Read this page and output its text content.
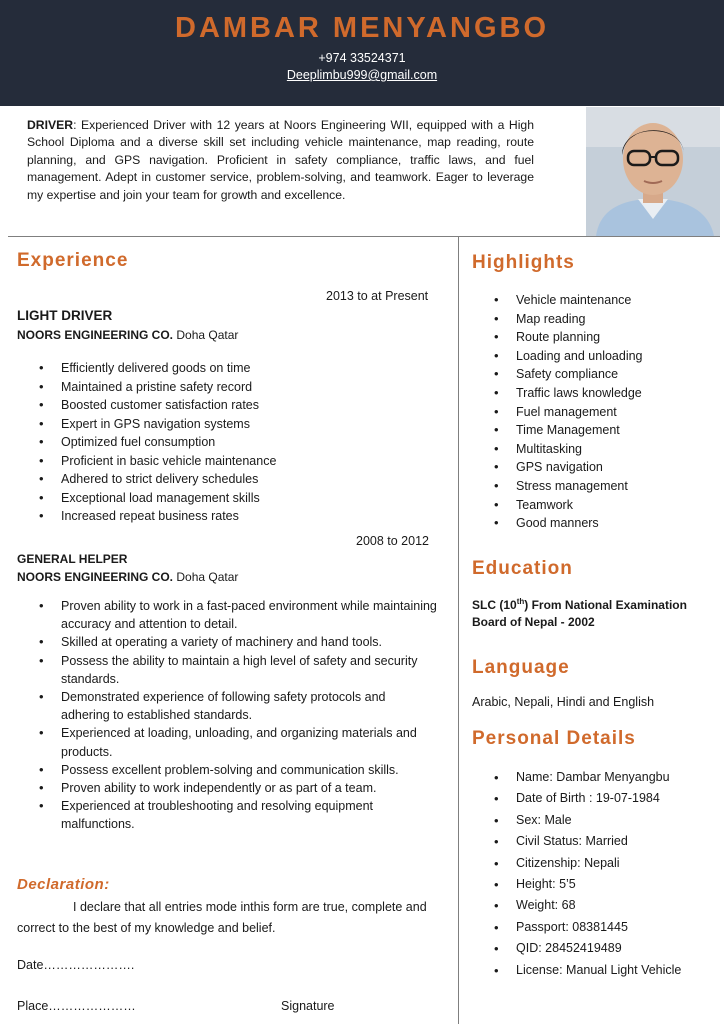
DAMBAR MENYANGBO
+974 33524371
Deeplimbu999@gmail.com
DRIVER: Experienced Driver with 12 years at Noors Engineering WII, equipped with a High School Diploma and a diverse skill set including vehicle maintenance, map reading, route planning, and GPS navigation. Proficient in safety compliance, traffic laws, and fuel management. Adept in customer service, problem-solving, and teamwork. Eager to leverage my expertise and join your team for growth and excellence.
Experience
2013 to at Present
LIGHT DRIVER
NOORS ENGINEERING CO. Doha Qatar
• Efficiently delivered goods on time
• Maintained a pristine safety record
• Boosted customer satisfaction rates
• Expert in GPS navigation systems
• Optimized fuel consumption
• Proficient in basic vehicle maintenance
• Adhered to strict delivery schedules
• Exceptional load management skills
• Increased repeat business rates
2008 to 2012
GENERAL HELPER
NOORS ENGINEERING CO. Doha Qatar
• Proven ability to work in a fast-paced environment while maintaining accuracy and attention to detail.
• Skilled at operating a variety of machinery and hand tools.
• Possess the ability to maintain a high level of safety and security standards.
• Demonstrated experience of following safety protocols and adhering to established standards.
• Experienced at loading, unloading, and organizing materials and products.
• Possess excellent problem-solving and communication skills.
• Proven ability to work independently or as part of a team.
• Experienced at troubleshooting and resolving equipment malfunctions.
Declaration:
I declare that all entries mode inthis form are true, complete and correct to the best of my knowledge and belief.
Date………………….
Place…………………	Signature
Highlights
• Vehicle maintenance
• Map reading
• Route planning
• Loading and unloading
• Safety compliance
• Traffic laws knowledge
• Fuel management
• Time Management
• Multitasking
• GPS navigation
• Stress management
• Teamwork
• Good manners
Education
SLC (10th) From National Examination
Board of Nepal - 2002
Language
Arabic, Nepali, Hindi and English
Personal Details
• Name: Dambar Menyangbu
• Date of Birth : 19-07-1984
• Sex: Male
• Civil Status: Married
• Citizenship: Nepali
• Height: 5’5
• Weight: 68
• Passport: 08381445
• QID: 28452419489
• License: Manual Light Vehicle
